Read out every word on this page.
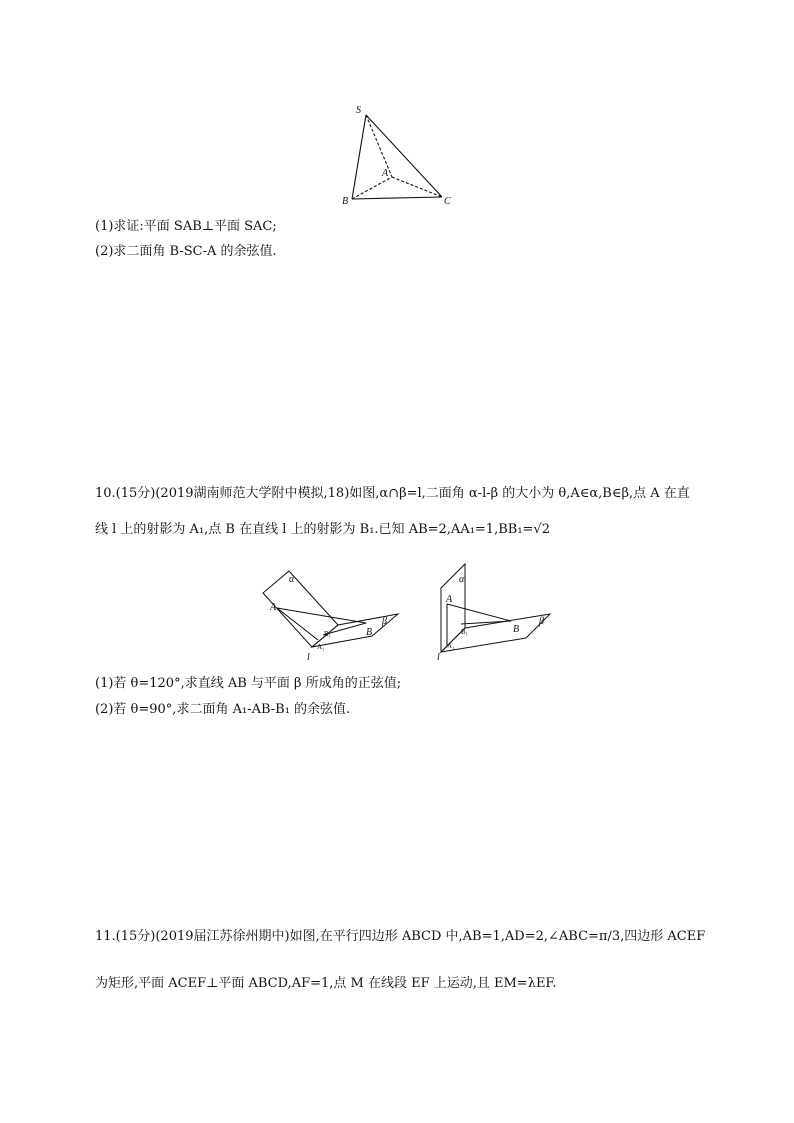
S
A
B	C
(1)求证:平面 SAB⊥平面 SAC;
(2)求二面角 B-SC-A 的余弦值.
10.(15分)(2019湖南师范大学附中模拟,18)如图,α∩β=l,二面角 α-l-β 的大小为 θ,A∈α,B∈β,点 A 在直
线 l 上的射影为 A₁,点 B 在直线 l 上的射影为 B₁.已知 AB=2,AA₁=1,BB₁=√2
α
β
A
A₁
B₁	B
l
α
β
A
A₁
B₁	B
l
(1)若 θ=120°,求直线 AB 与平面 β 所成角的正弦值;
(2)若 θ=90°,求二面角 A₁-AB-B₁ 的余弦值.
11.(15分)(2019届江苏徐州期中)如图,在平行四边形 ABCD 中,AB=1,AD=2,∠ABC=π/3,四边形 ACEF
为矩形,平面 ACEF⊥平面 ABCD,AF=1,点 M 在线段 EF 上运动,且 EM=λEF.
